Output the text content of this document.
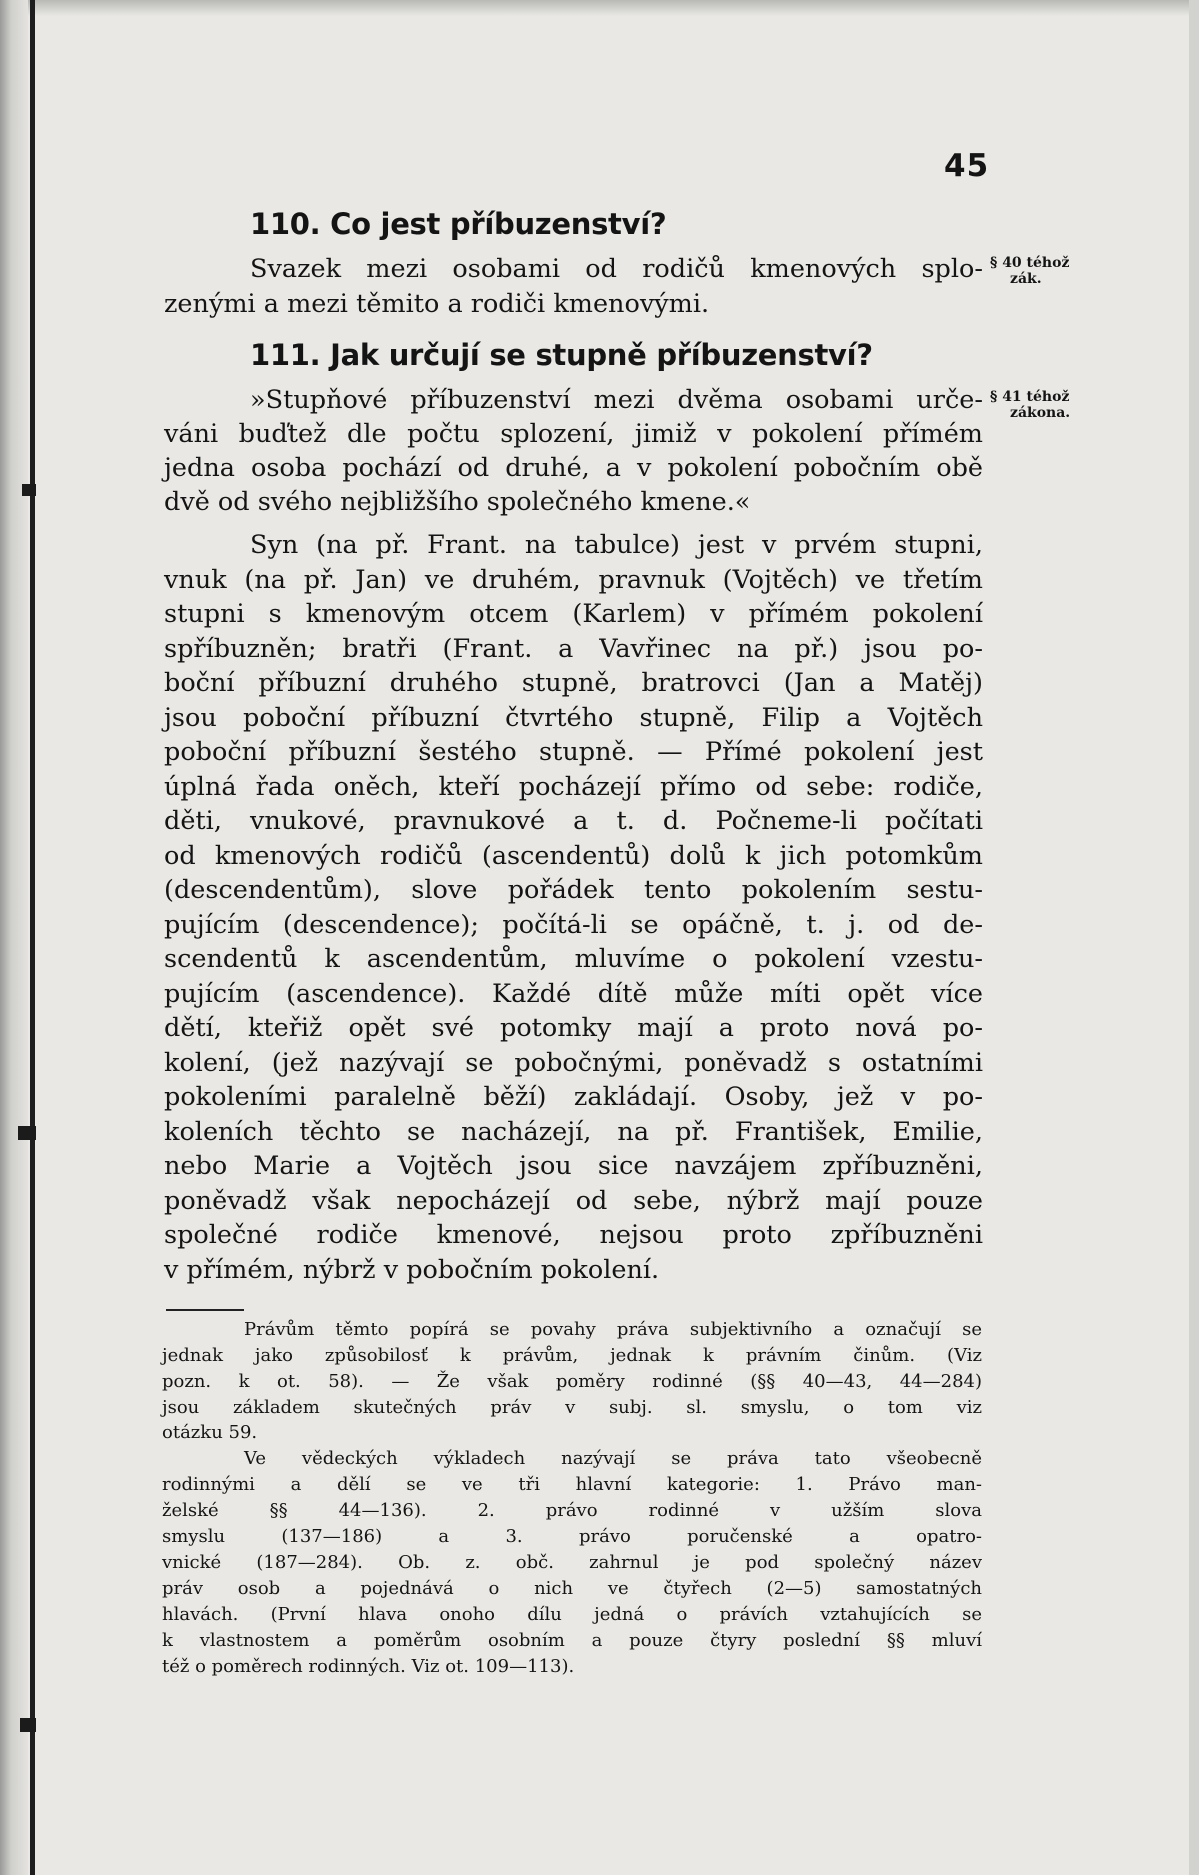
45
110. Co jest příbuzenství?
Svazek mezi osobami od rodičů kmenových splo-
zenými a mezi těmito a rodiči kmenovými.
§ 40 téhož
zák.
111. Jak určují se stupně příbuzenství?
§ 41 téhož
zákona.
»Stupňové příbuzenství mezi dvěma osobami urče-
váni buďtež dle počtu splození, jimiž v pokolení přímém
jedna osoba pochází od druhé, a v pokolení pobočním obě
dvě od svého nejbližšího společného kmene.«
Syn (na př. Frant. na tabulce) jest v prvém stupni,
vnuk (na př. Jan) ve druhém, pravnuk (Vojtěch) ve třetím
stupni s kmenovým otcem (Karlem) v přímém pokolení
spříbuzněn; bratři (Frant. a Vavřinec na př.) jsou po-
boční příbuzní druhého stupně, bratrovci (Jan a Matěj)
jsou poboční příbuzní čtvrtého stupně, Filip a Vojtěch
poboční příbuzní šestého stupně. — Přímé pokolení jest
úplná řada oněch, kteří pocházejí přímo od sebe: rodiče,
děti, vnukové, pravnukové a t. d. Počneme-li počítati
od kmenových rodičů (ascendentů) dolů k jich potomkům
(descendentům), slove pořádek tento pokolením sestu-
pujícím (descendence); počítá-li se opáčně, t. j. od de-
scendentů k ascendentům, mluvíme o pokolení vzestu-
pujícím (ascendence). Každé dítě může míti opět více
dětí, kteřiž opět své potomky mají a proto nová po-
kolení, (jež nazývají se pobočnými, poněvadž s ostatními
pokoleními paralelně běží) zakládají. Osoby, jež v po-
koleních těchto se nacházejí, na př. František, Emilie,
nebo Marie a Vojtěch jsou sice navzájem zpříbuzněni,
poněvadž však nepocházejí od sebe, nýbrž mají pouze
společné rodiče kmenové, nejsou proto zpříbuzněni
v přímém, nýbrž v pobočním pokolení.
Právům těmto popírá se povahy práva subjektivního a označují se
jednak jako způsobilosť k právům, jednak k právním činům. (Viz
pozn. k ot. 58). — Že však poměry rodinné (§§ 40—43, 44—284)
jsou základem skutečných práv v subj. sl. smyslu, o tom viz
otázku 59.
Ve vědeckých výkladech nazývají se práva tato všeobecně
rodinnými a dělí se ve tři hlavní kategorie: 1. Právo man-
želské §§ 44—136). 2. právo rodinné v užším slova
smyslu (137—186) a 3. právo poručenské a opatro-
vnické (187—284). Ob. z. obč. zahrnul je pod společný název
práv osob a pojednává o nich ve čtyřech (2—5) samostatných
hlavách. (První hlava onoho dílu jedná o právích vztahujících se
k vlastnostem a poměrům osobním a pouze čtyry poslední §§ mluví
též o poměrech rodinných. Viz ot. 109—113).
